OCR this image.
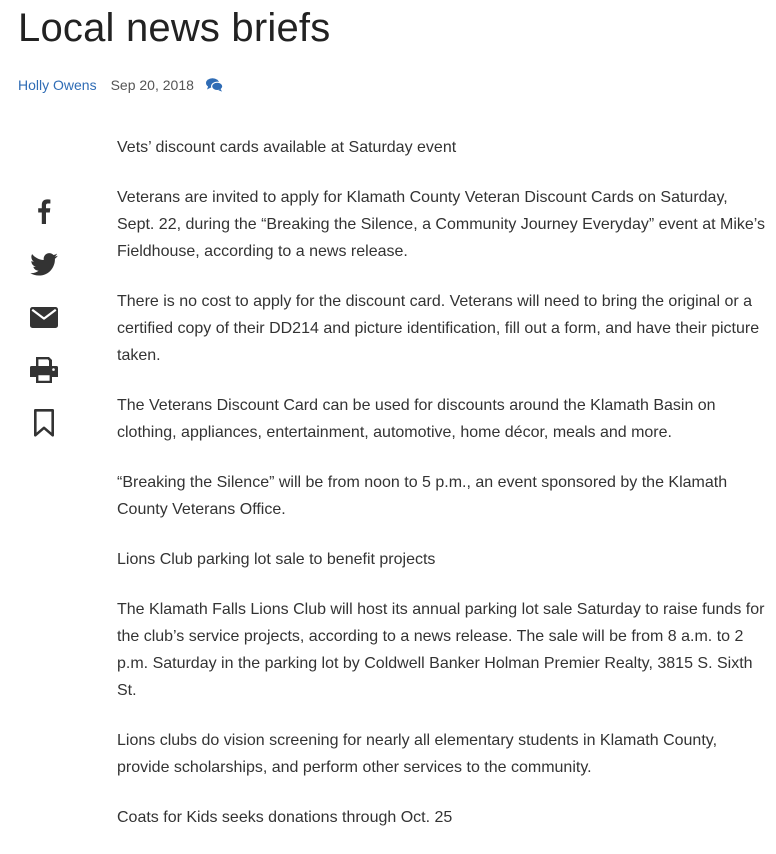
Local news briefs
Holly Owens Sep 20, 2018

Vets’ discount cards available at Saturday event

Veterans are invited to apply for Klamath County Veteran Discount Cards on Saturday, Sept. 22, during the “Breaking the Silence, a Community Journey Everyday” event at Mike’s Fieldhouse, according to a news release.

There is no cost to apply for the discount card. Veterans will need to bring the original or a certified copy of their DD214 and picture identification, fill out a form, and have their picture taken.

The Veterans Discount Card can be used for discounts around the Klamath Basin on clothing, appliances, entertainment, automotive, home décor, meals and more.

“Breaking the Silence” will be from noon to 5 p.m., an event sponsored by the Klamath County Veterans Office.

Lions Club parking lot sale to benefit projects

The Klamath Falls Lions Club will host its annual parking lot sale Saturday to raise funds for the club’s service projects, according to a news release. The sale will be from 8 a.m. to 2 p.m. Saturday in the parking lot by Coldwell Banker Holman Premier Realty, 3815 S. Sixth St.

Lions clubs do vision screening for nearly all elementary students in Klamath County, provide scholarships, and perform other services to the community.

Coats for Kids seeks donations through Oct. 25
